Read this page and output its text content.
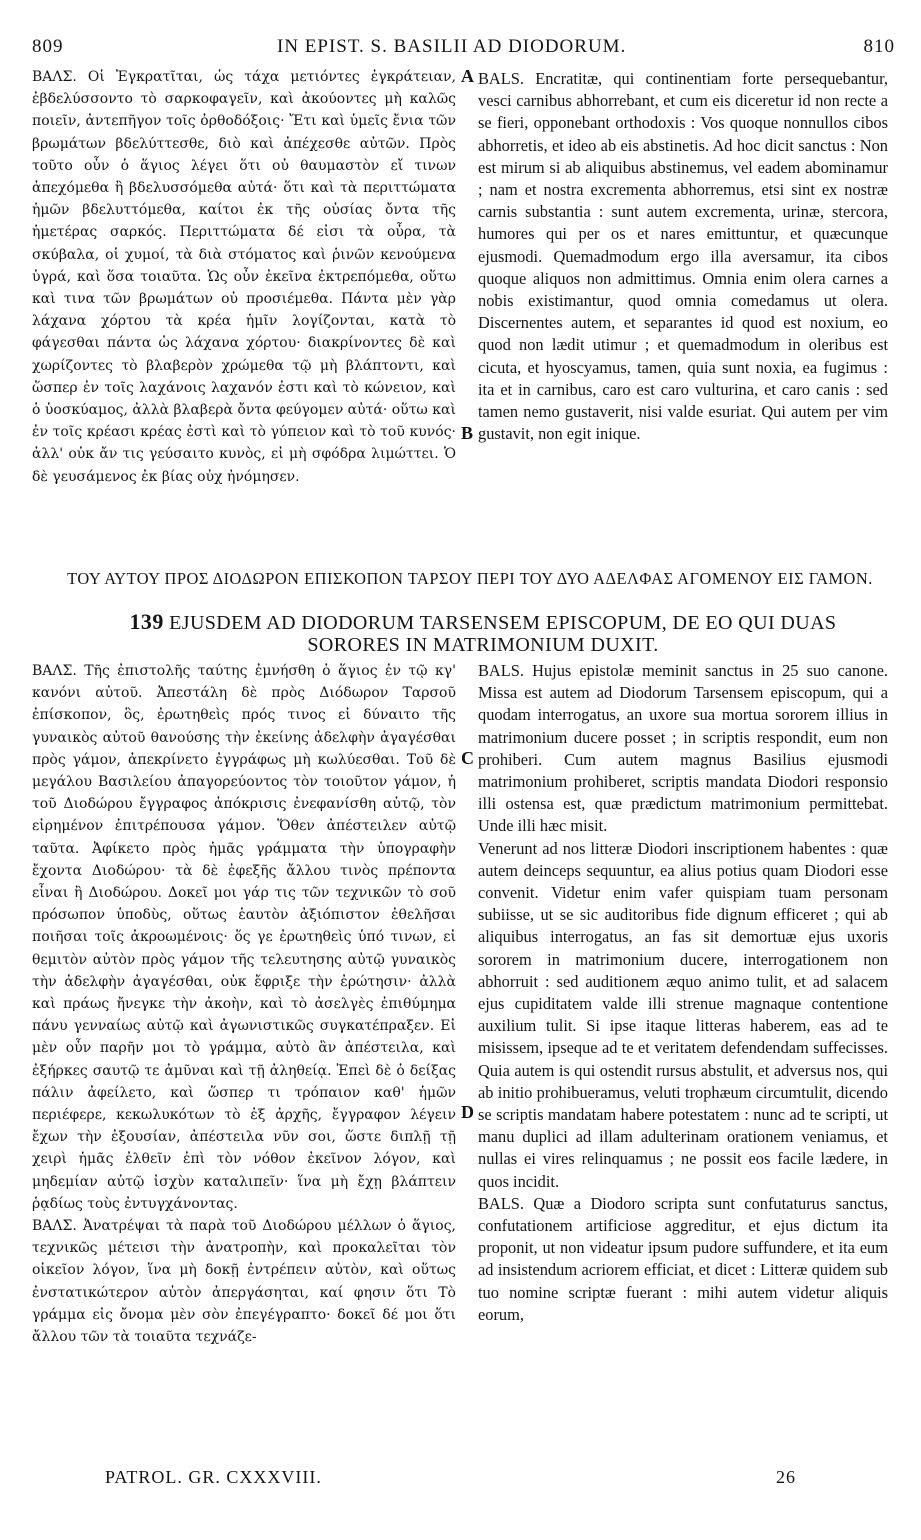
809	IN EPIST. S. BASILII AD DIODORUM.	810

ΒΑΛΣ. Οἱ Ἐγκρατῖται, ὡς τάχα μετιόντες ἐγκράτειαν, ἐβδελύσσοντο τὸ σαρκοφαγεῖν, καὶ ἀκούοντες μὴ καλῶς ποιεῖν, ἀντεπῆγον τοῖς ὀρθοδόξοις· Ἔτι καὶ ὑμεῖς ἔνια τῶν βρωμάτων βδελύττεσθε, διὸ καὶ ἀπέχεσθε αὐτῶν. Πρὸς τοῦτο οὖν ὁ ἅγιος λέγει ὅτι οὐ θαυμαστὸν εἴ τινων ἀπεχόμεθα ἢ βδελυσσόμεθα αὐτά· ὅτι καὶ τὰ περιττώματα ἡμῶν βδελυττόμεθα, καίτοι ἐκ τῆς οὐσίας ὄντα τῆς ἡμετέρας σαρκός. Περιττώματα δέ εἰσι τὰ οὖρα, τὰ σκύβαλα, οἱ χυμοί, τὰ διὰ στόματος καὶ ῥινῶν κενούμενα ὑγρά, καὶ ὅσα τοιαῦτα. Ὡς οὖν ἐκεῖνα ἐκτρεπόμεθα, οὕτω καὶ τινα τῶν βρωμάτων οὐ προσιέμεθα. Πάντα μὲν γὰρ λάχανα χόρτου τὰ κρέα ἡμῖν λογίζονται, κατὰ τὸ φάγεσθαι πάντα ὡς λάχανα χόρτου· διακρίνοντες δὲ καὶ χωρίζοντες τὸ βλαβερὸν χρώμεθα τῷ μὴ βλάπτοντι, καὶ ὥσπερ ἐν τοῖς λαχάνοις λαχανόν ἐστι καὶ τὸ κώνειον, καὶ ὁ ὑοσκύαμος, ἀλλὰ βλαβερὰ ὄντα φεύγομεν αὐτά· οὕτω καὶ ἐν τοῖς κρέασι κρέας ἐστὶ καὶ τὸ γύπειον καὶ τὸ τοῦ κυνός· ἀλλ' οὐκ ἄν τις γεύσαιτο κυνὸς, εἰ μὴ σφόδρα λιμώττει. Ὁ δὲ γευσάμενος ἐκ βίας οὐχ ἠνόμησεν.

BALS. Encratitæ, qui continentiam forte persequebantur, vesci carnibus abhorrebant, et cum eis diceretur id non recte a se fieri, opponebant orthodoxis : Vos quoque nonnullos cibos abhorretis, et ideo ab eis abstinetis. Ad hoc dicit sanctus : Non est mirum si ab aliquibus abstinemus, vel eadem abominamur ; nam et nostra excrementa abhorremus, etsi sint ex nostræ carnis substantia : sunt autem excrementa, urinæ, stercora, humores qui per os et nares emittuntur, et quæcunque ejusmodi. Quemadmodum ergo illa aversamur, ita cibos quoque aliquos non admittimus. Omnia enim olera carnes a nobis existimantur, quod omnia comedamus ut olera. Discernentes autem, et separantes id quod est noxium, eo quod non lædit utimur ; et quemadmodum in oleribus est cicuta, et hyoscyamus, tamen, quia sunt noxia, ea fugimus : ita et in carnibus, caro est caro vulturina, et caro canis : sed tamen nemo gustaverit, nisi valde esuriat. Qui autem per vim gustavit, non egit inique.

A
B
ΤΟΥ ΑΥΤΟΥ ΠΡΟΣ ΔΙΟΔΩΡΟΝ ΕΠΙΣΚΟΠΟΝ ΤΑΡΣΟΥ ΠΕΡΙ ΤΟΥ ΔΥΟ ΑΔΕΛΦΑΣ ΑΓΟΜΕΝΟΥ ΕΙΣ ΓΑΜΟΝ.
139 EJUSDEM AD DIODORUM TARSENSEM EPISCOPUM, DE EO QUI DUAS SORORES IN MATRIMONIUM DUXIT.

ΒΑΛΣ. Τῆς ἐπιστολῆς ταύτης ἐμνήσθη ὁ ἅγιος ἐν τῷ κγ' κανόνι αὐτοῦ. Ἀπεστάλη δὲ πρὸς Διόδωρον Ταρσοῦ ἐπίσκοπον, ὃς, ἐρωτηθεὶς πρός τινος εἰ δύναιτο τῆς γυναικὸς αὐτοῦ θανούσης τὴν ἐκείνης ἀδελφὴν ἀγαγέσθαι πρὸς γάμον, ἀπεκρίνετο ἐγγράφως μὴ κωλύεσθαι. Τοῦ δὲ μεγάλου Βασιλείου ἀπαγορεύοντος τὸν τοιοῦτον γάμον, ἡ τοῦ Διοδώρου ἔγγραφος ἀπόκρισις ἐνεφανίσθη αὐτῷ, τὸν εἰρημένον ἐπιτρέπουσα γάμον. Ὅθεν ἀπέστειλεν αὐτῷ ταῦτα. Ἀφίκετο πρὸς ἡμᾶς γράμματα τὴν ὑπογραφὴν ἔχοντα Διοδώρου· τὰ δὲ ἐφεξῆς ἄλλου τινὸς πρέποντα εἶναι ἢ Διοδώρου. Δοκεῖ μοι γάρ τις τῶν τεχνικῶν τὸ σοῦ πρόσωπον ὑποδὺς, οὕτως ἑαυτὸν ἀξιόπιστον ἐθελῆσαι ποιῆσαι τοῖς ἀκροωμένοις· ὅς γε ἐρωτηθεὶς ὑπό τινων, εἰ θεμιτὸν αὐτὸν πρὸς γάμον τῆς τελευτησης αὐτῷ γυναικὸς τὴν ἀδελφὴν ἀγαγέσθαι, οὐκ ἔφριξε τὴν ἐρώτησιν· ἀλλὰ καὶ πράως ἤνεγκε τὴν ἀκοὴν, καὶ τὸ ἀσελγὲς ἐπιθύμημα πάνυ γενναίως αὐτῷ καὶ ἀγωνιστικῶς συγκατέπραξεν. Εἰ μὲν οὖν παρῆν μοι τὸ γράμμα, αὐτὸ ἂν ἀπέστειλα, καὶ ἐξήρκες σαυτῷ τε ἀμῦναι καὶ τῇ ἀληθείᾳ. Ἐπεὶ δὲ ὁ δείξας πάλιν ἀφείλετο, καὶ ὥσπερ τι τρόπαιον καθ' ἡμῶν περιέφερε, κεκωλυκότων τὸ ἐξ ἀρχῆς, ἔγγραφον λέγειν ἔχων τὴν ἐξουσίαν, ἀπέστειλα νῦν σοι, ὥστε διπλῇ τῇ χειρὶ ἡμᾶς ἐλθεῖν ἐπὶ τὸν νόθον ἐκεῖνον λόγον, καὶ μηδεμίαν αὐτῷ ἰσχὺν καταλιπεῖν· ἵνα μὴ ἔχῃ βλάπτειν ῥᾳδίως τοὺς ἐντυγχάνοντας.

ΒΑΛΣ. Ἀνατρέψαι τὰ παρὰ τοῦ Διοδώρου μέλλων ὁ ἅγιος, τεχνικῶς μέτεισι τὴν ἀνατροπὴν, καὶ προκαλεῖται τὸν οἰκεῖον λόγον, ἵνα μὴ δοκῇ ἐντρέπειν αὐτὸν, καὶ οὕτως ἐνστατικώτερον αὐτὸν ἀπεργάσηται, καί φησιν ὅτι Τὸ γράμμα εἰς ὄνομα μὲν σὸν ἐπεγέγραπτο· δοκεῖ δέ μοι ὅτι ἄλλου τῶν τὰ τοιαῦτα τεχνάζε-

BALS. Hujus epistolæ meminit sanctus in 25 suo canone. Missa est autem ad Diodorum Tarsensem episcopum, qui a quodam interrogatus, an uxore sua mortua sororem illius in matrimonium ducere posset ; in scriptis respondit, eum non prohiberi. Cum autem magnus Basilius ejusmodi matrimonium prohiberet, scriptis mandata Diodori responsio illi ostensa est, quæ prædictum matrimonium permittebat. Unde illi hæc misit.

Venerunt ad nos litteræ Diodori inscriptionem habentes : quæ autem deinceps sequuntur, ea alius potius quam Diodori esse convenit. Videtur enim vafer quispiam tuam personam subiisse, ut se sic auditoribus fide dignum efficeret ; qui ab aliquibus interrogatus, an fas sit demortuæ ejus uxoris sororem in matrimonium ducere, interrogationem non abhorruit : sed auditionem æquo animo tulit, et ad salacem ejus cupiditatem valde illi strenue magnaque contentione auxilium tulit. Si ipse itaque litteras haberem, eas ad te misissem, ipseque ad te et veritatem defendendam suffecisses. Quia autem is qui ostendit rursus abstulit, et adversus nos, qui ab initio prohibueramus, veluti trophæum circumtulit, dicendo se scriptis mandatam habere potestatem : nunc ad te scripti, ut manu duplici ad illam adulterinam orationem veniamus, et nullas ei vires relinquamus ; ne possit eos facile lædere, in quos incidit.

BALS. Quæ a Diodoro scripta sunt confutaturus sanctus, confutationem artificiose aggreditur, et ejus dictum ita proponit, ut non videatur ipsum pudore suffundere, et ita eum ad insistendum acriorem efficiat, et dicet : Litteræ quidem sub tuo nomine scriptæ fuerant : mihi autem videtur aliquis eorum,

C
D
PATROL. GR. CXXXVIII.	26
